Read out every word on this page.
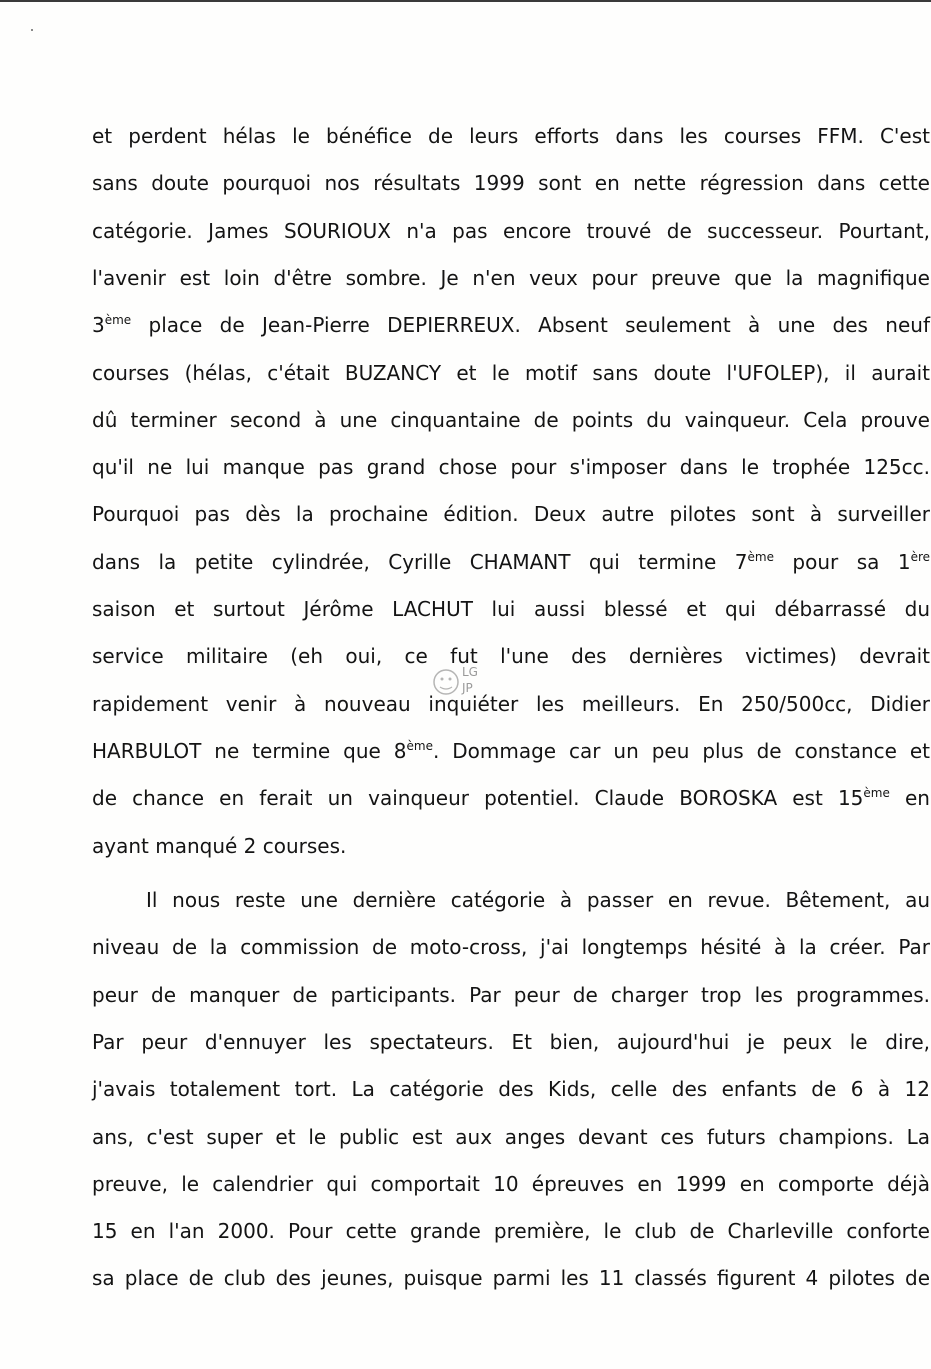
et perdent hélas le bénéfice de leurs efforts dans les courses FFM. C'est
sans doute pourquoi nos résultats 1999 sont en nette régression dans cette
catégorie. James SOURIOUX n'a pas encore trouvé de successeur. Pourtant,
l'avenir est loin d'être sombre. Je n'en veux pour preuve que la magnifique
3ème place de Jean-Pierre DEPIERREUX. Absent seulement à une des neuf
courses (hélas, c'était BUZANCY et le motif sans doute l'UFOLEP), il aurait
dû terminer second à une cinquantaine de points du vainqueur. Cela prouve
qu'il ne lui manque pas grand chose pour s'imposer dans le trophée 125cc.
Pourquoi pas dès la prochaine édition. Deux autre pilotes sont à surveiller
dans la petite cylindrée, Cyrille CHAMANT qui termine 7ème pour sa 1ère
saison et surtout Jérôme LACHUT lui aussi blessé et qui débarrassé du
service militaire (eh oui, ce fut l'une des dernières victimes) devrait
rapidement venir à nouveau inquiéter les meilleurs. En 250/500cc, Didier
HARBULOT ne termine que 8ème. Dommage car un peu plus de constance et
de chance en ferait un vainqueur potentiel. Claude BOROSKA est 15ème en
ayant manqué 2 courses.
Il nous reste une dernière catégorie à passer en revue. Bêtement, au
niveau de la commission de moto-cross, j'ai longtemps hésité à la créer. Par
peur de manquer de participants. Par peur de charger trop les programmes.
Par peur d'ennuyer les spectateurs. Et bien, aujourd'hui je peux le dire,
j'avais totalement tort. La catégorie des Kids, celle des enfants de 6 à 12
ans, c'est super et le public est aux anges devant ces futurs champions. La
preuve, le calendrier qui comportait 10 épreuves en 1999 en comporte déjà
15 en l'an 2000. Pour cette grande première, le club de Charleville conforte
sa place de club des jeunes, puisque parmi les 11 classés figurent 4 pilotes de
LG JP
